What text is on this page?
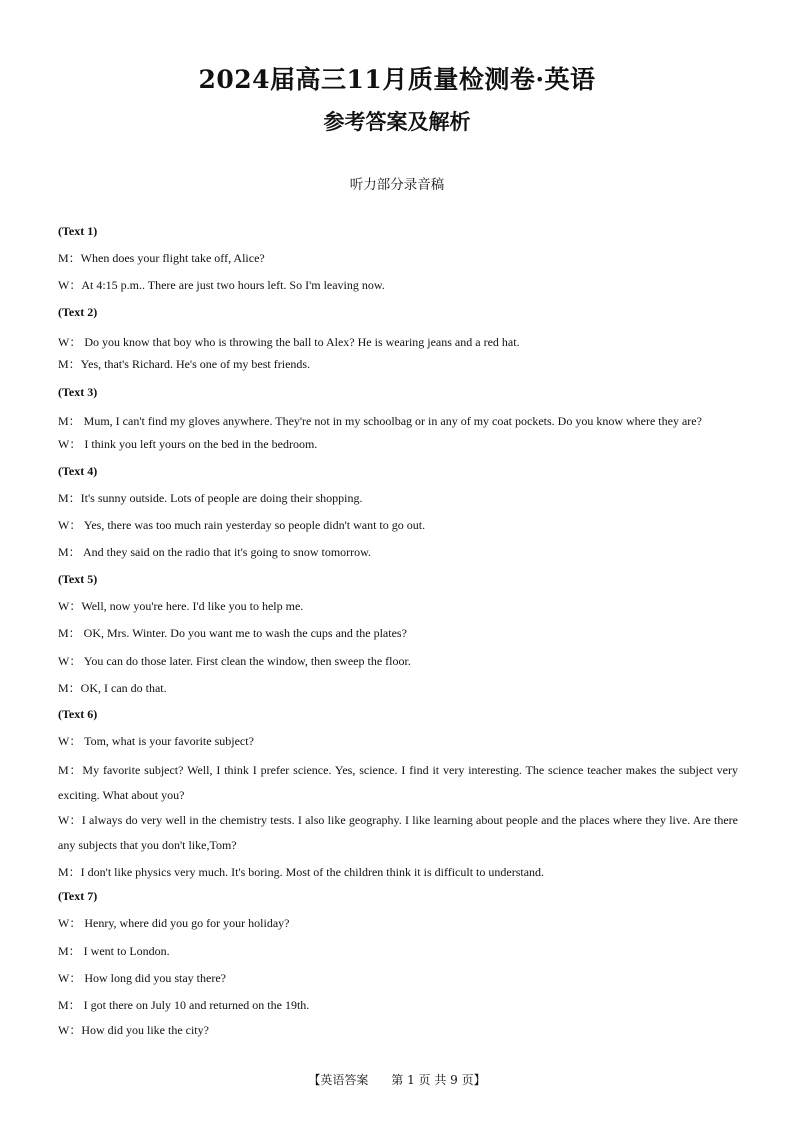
2024届高三11月质量检测卷·英语
参考答案及解析
听力部分录音稿
(Text 1)
M：When does your flight take off, Alice?
W：At 4:15 p.m.. There are just two hours left. So I'm leaving now.
(Text 2)
W： Do you know that boy who is throwing the ball to Alex? He is wearing jeans and a red hat.
M：Yes, that's Richard. He's one of my best friends.
(Text 3)
M： Mum, I can't find my gloves anywhere. They're not in my schoolbag or in any of my coat pockets. Do you know where they are?
W： I think you left yours on the bed in the bedroom.
(Text 4)
M：It's sunny outside. Lots of people are doing their shopping.
W： Yes, there was too much rain yesterday so people didn't want to go out.
M： And they said on the radio that it's going to snow tomorrow.
(Text 5)
W：Well, now you're here. I'd like you to help me.
M： OK, Mrs. Winter. Do you want me to wash the cups and the plates?
W： You can do those later. First clean the window, then sweep the floor.
M：OK, I can do that.
(Text 6)
W： Tom, what is your favorite subject?
M：My favorite subject? Well, I think I prefer science. Yes, science. I find it very interesting. The science teacher makes the subject very exciting. What about you?
W：I always do very well in the chemistry tests. I also like geography. I like learning about people and the places where they live. Are there any subjects that you don't like,Tom?
M：I don't like physics very much. It's boring. Most of the children think it is difficult to understand.
(Text 7)
W： Henry, where did you go for your holiday?
M： I went to London.
W： How long did you stay there?
M： I got there on July 10 and returned on the 19th.
W：How did you like the city?
【英语答案      第 1 页 共 9 页】
